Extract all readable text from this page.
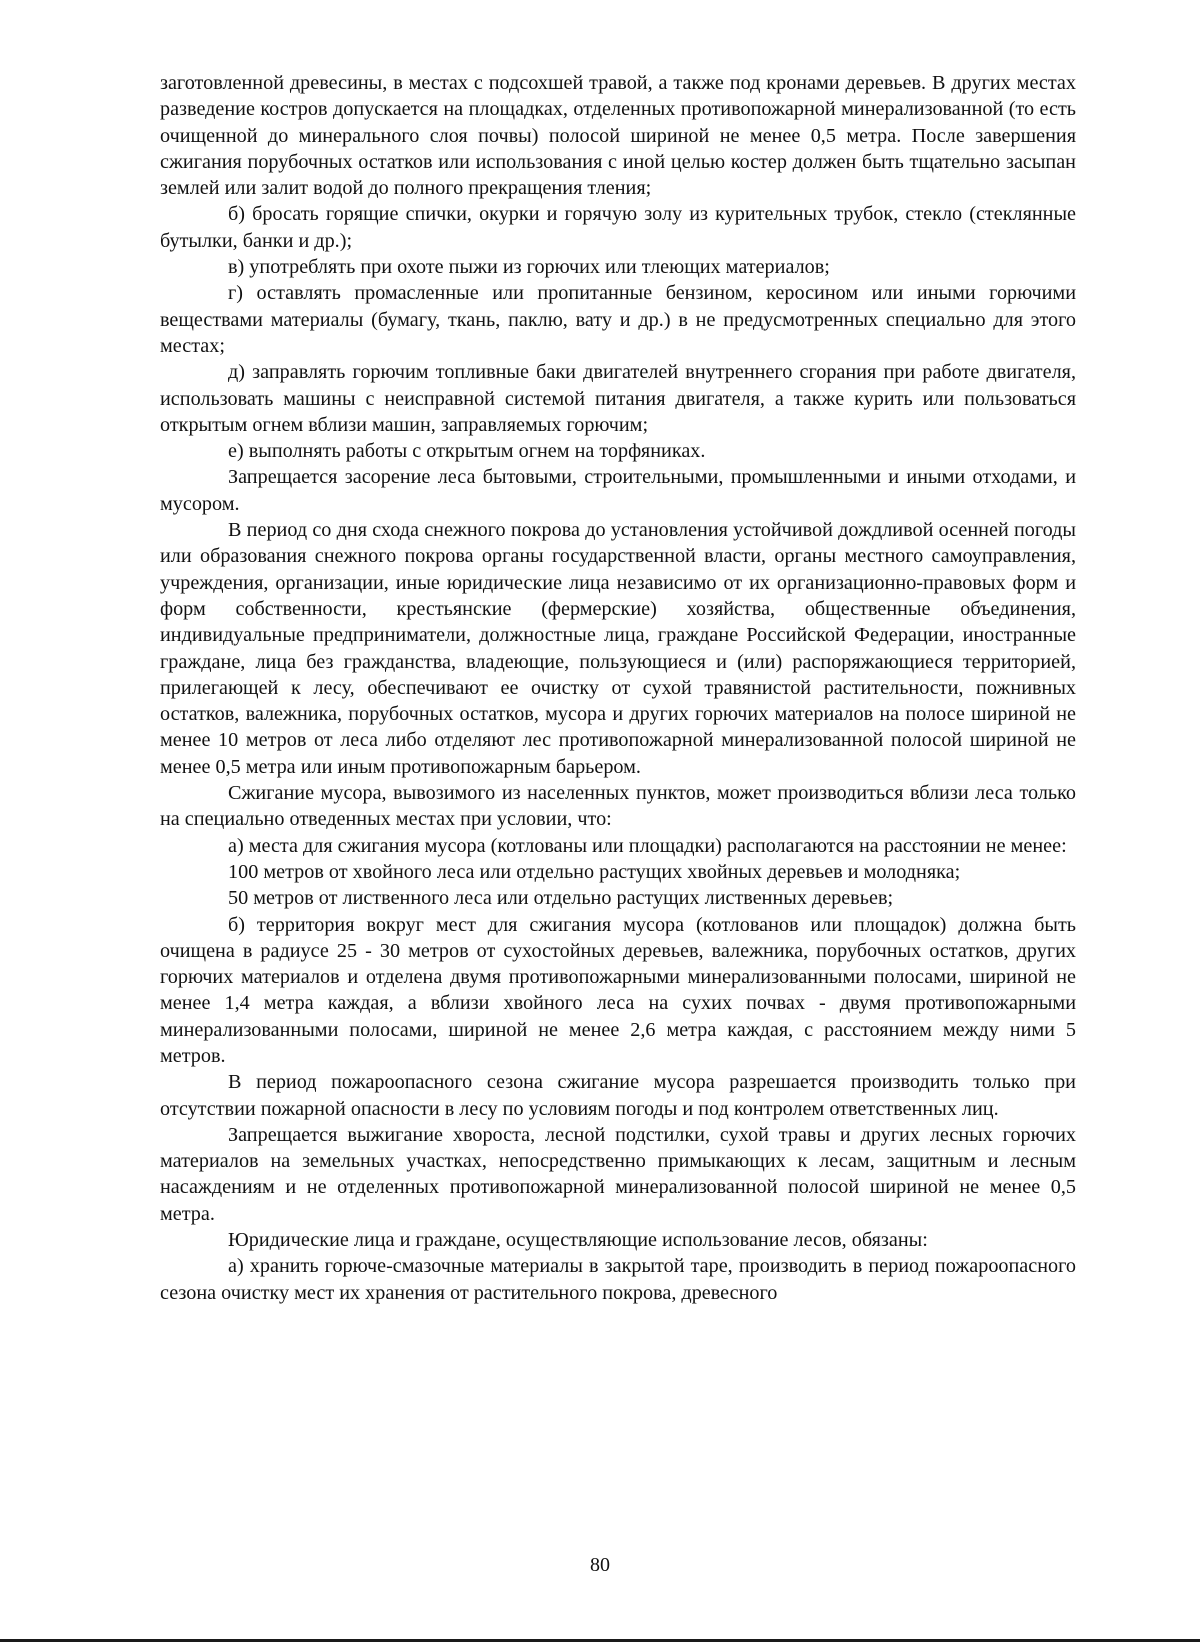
заготовленной древесины, в местах с подсохшей травой, а также под кронами деревьев. В других местах разведение костров допускается на площадках, отделенных противопожарной минерализованной (то есть очищенной до минерального слоя почвы) полосой шириной не менее 0,5 метра. После завершения сжигания порубочных остатков или использования с иной целью костер должен быть тщательно засыпан землей или залит водой до полного прекращения тления;

б) бросать горящие спички, окурки и горячую золу из курительных трубок, стекло (стеклянные бутылки, банки и др.);

в) употреблять при охоте пыжи из горючих или тлеющих материалов;

г) оставлять промасленные или пропитанные бензином, керосином или иными горючими веществами материалы (бумагу, ткань, паклю, вату и др.) в не предусмотренных специально для этого местах;

д) заправлять горючим топливные баки двигателей внутреннего сгорания при работе двигателя, использовать машины с неисправной системой питания двигателя, а также курить или пользоваться открытым огнем вблизи машин, заправляемых горючим;

е) выполнять работы с открытым огнем на торфяниках.

Запрещается засорение леса бытовыми, строительными, промышленными и иными отходами, и мусором.

В период со дня схода снежного покрова до установления устойчивой дождливой осенней погоды или образования снежного покрова органы государственной власти, органы местного самоуправления, учреждения, организации, иные юридические лица независимо от их организационно-правовых форм и форм собственности, крестьянские (фермерские) хозяйства, общественные объединения, индивидуальные предприниматели, должностные лица, граждане Российской Федерации, иностранные граждане, лица без гражданства, владеющие, пользующиеся и (или) распоряжающиеся территорией, прилегающей к лесу, обеспечивают ее очистку от сухой травянистой растительности, пожнивных остатков, валежника, порубочных остатков, мусора и других горючих материалов на полосе шириной не менее 10 метров от леса либо отделяют лес противопожарной минерализованной полосой шириной не менее 0,5 метра или иным противопожарным барьером.

Сжигание мусора, вывозимого из населенных пунктов, может производиться вблизи леса только на специально отведенных местах при условии, что:

а) места для сжигания мусора (котлованы или площадки) располагаются на расстоянии не менее:

100 метров от хвойного леса или отдельно растущих хвойных деревьев и молодняка;

50 метров от лиственного леса или отдельно растущих лиственных деревьев;

б) территория вокруг мест для сжигания мусора (котлованов или площадок) должна быть очищена в радиусе 25 - 30 метров от сухостойных деревьев, валежника, порубочных остатков, других горючих материалов и отделена двумя противопожарными минерализованными полосами, шириной не менее 1,4 метра каждая, а вблизи хвойного леса на сухих почвах - двумя противопожарными минерализованными полосами, шириной не менее 2,6 метра каждая, с расстоянием между ними 5 метров.

В период пожароопасного сезона сжигание мусора разрешается производить только при отсутствии пожарной опасности в лесу по условиям погоды и под контролем ответственных лиц.

Запрещается выжигание хвороста, лесной подстилки, сухой травы и других лесных горючих материалов на земельных участках, непосредственно примыкающих к лесам, защитным и лесным насаждениям и не отделенных противопожарной минерализованной полосой шириной не менее 0,5 метра.

Юридические лица и граждане, осуществляющие использование лесов, обязаны:

а) хранить горюче-смазочные материалы в закрытой таре, производить в период пожароопасного сезона очистку мест их хранения от растительного покрова, древесного

80
